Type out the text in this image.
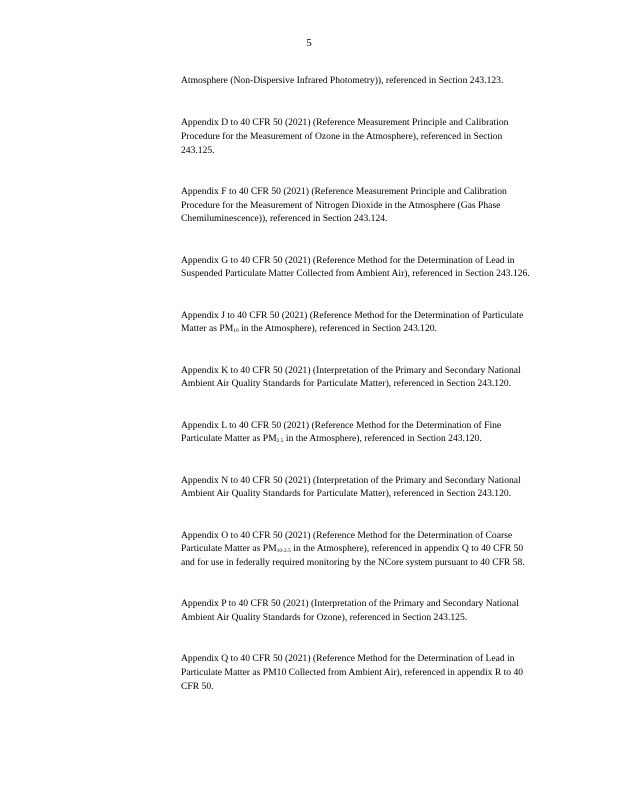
5

Atmosphere (Non-Dispersive Infrared Photometry)), referenced in Section 243.123.

Appendix D to 40 CFR 50 (2021) (Reference Measurement Principle and Calibration Procedure for the Measurement of Ozone in the Atmosphere), referenced in Section 243.125.

Appendix F to 40 CFR 50 (2021) (Reference Measurement Principle and Calibration Procedure for the Measurement of Nitrogen Dioxide in the Atmosphere (Gas Phase Chemiluminescence)), referenced in Section 243.124.

Appendix G to 40 CFR 50 (2021) (Reference Method for the Determination of Lead in Suspended Particulate Matter Collected from Ambient Air), referenced in Section 243.126.

Appendix J to 40 CFR 50 (2021) (Reference Method for the Determination of Particulate Matter as $PM_{10}$ in the Atmosphere), referenced in Section 243.120.

Appendix K to 40 CFR 50 (2021) (Interpretation of the Primary and Secondary National Ambient Air Quality Standards for Particulate Matter), referenced in Section 243.120.

Appendix L to 40 CFR 50 (2021) (Reference Method for the Determination of Fine Particulate Matter as $PM_{2.5}$ in the Atmosphere), referenced in Section 243.120.

Appendix N to 40 CFR 50 (2021) (Interpretation of the Primary and Secondary National Ambient Air Quality Standards for Particulate Matter), referenced in Section 243.120.

Appendix O to 40 CFR 50 (2021) (Reference Method for the Determination of Coarse Particulate Matter as $PM_{10-2.5}$ in the Atmosphere), referenced in appendix Q to 40 CFR 50 and for use in federally required monitoring by the NCore system pursuant to 40 CFR 58.

Appendix P to 40 CFR 50 (2021) (Interpretation of the Primary and Secondary National Ambient Air Quality Standards for Ozone), referenced in Section 243.125.

Appendix Q to 40 CFR 50 (2021) (Reference Method for the Determination of Lead in Particulate Matter as PM10 Collected from Ambient Air), referenced in appendix R to 40 CFR 50.
